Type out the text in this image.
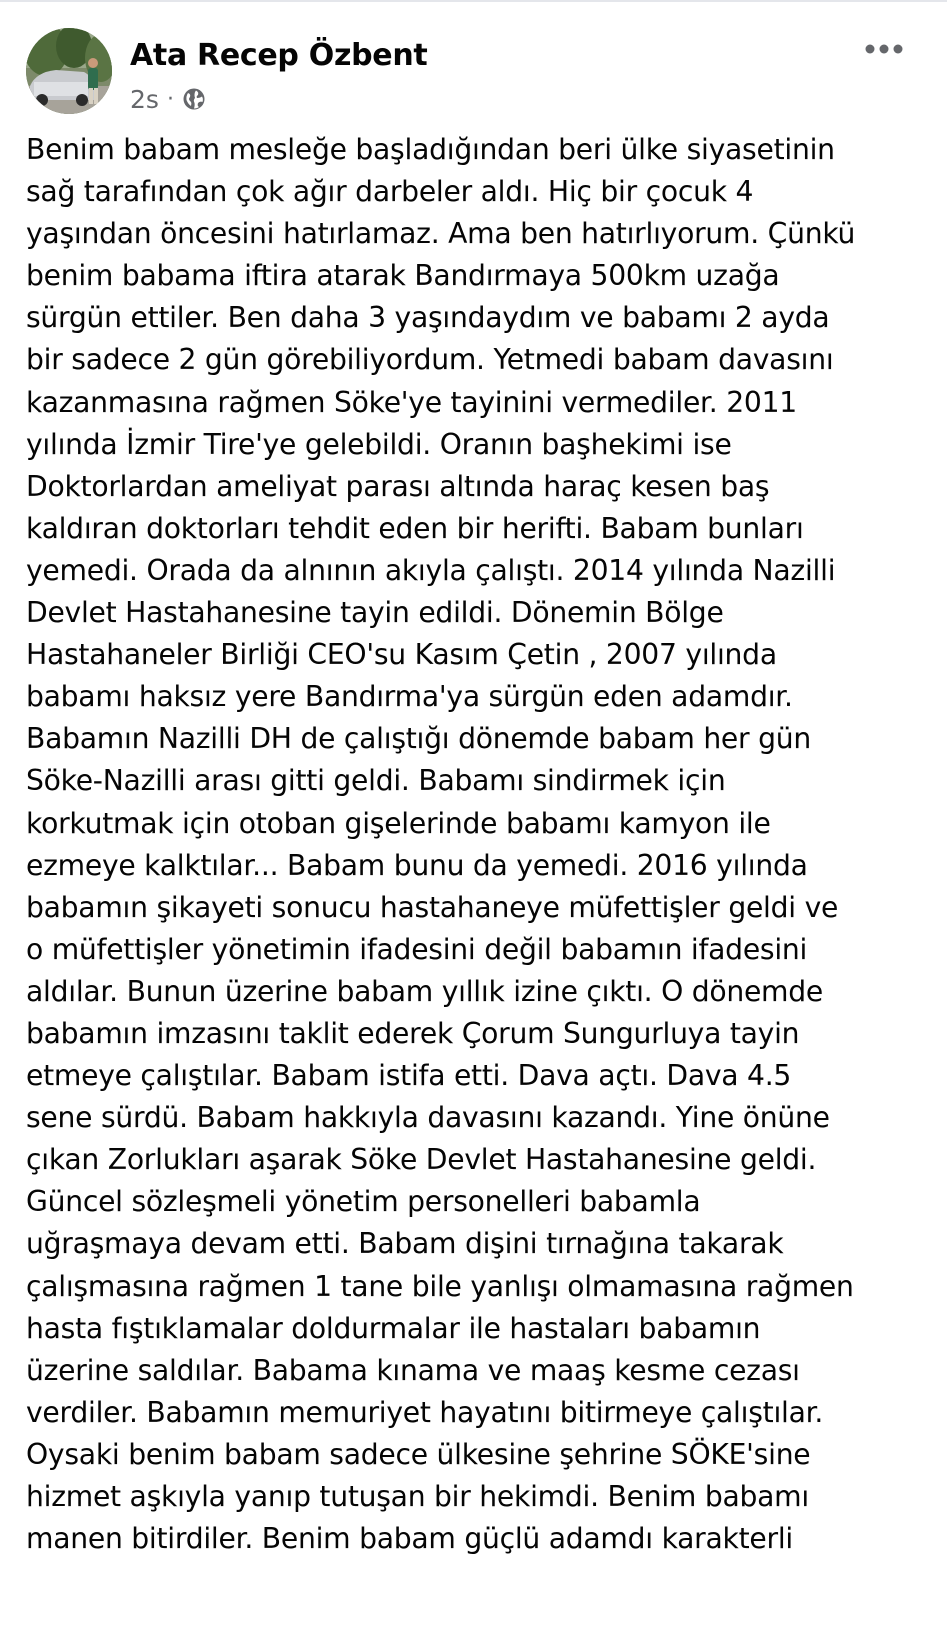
Ata Recep Özbent
2s ·
Benim babam mesleğe başladığından beri ülke siyasetinin
sağ tarafından çok ağır darbeler aldı. Hiç bir çocuk 4
yaşından öncesini hatırlamaz. Ama ben hatırlıyorum. Çünkü
benim babama iftira atarak Bandırmaya 500km uzağa
sürgün ettiler. Ben daha 3 yaşındaydım ve babamı 2 ayda
bir sadece 2 gün görebiliyordum. Yetmedi babam davasını
kazanmasına rağmen Söke'ye tayinini vermediler. 2011
yılında İzmir Tire'ye gelebildi. Oranın başhekimi ise
Doktorlardan ameliyat parası altında haraç kesen baş
kaldıran doktorları tehdit eden bir herifti. Babam bunları
yemedi. Orada da alnının akıyla çalıştı. 2014 yılında Nazilli
Devlet Hastahanesine tayin edildi. Dönemin Bölge
Hastahaneler Birliği CEO'su Kasım Çetin , 2007 yılında
babamı haksız yere Bandırma'ya sürgün eden adamdır.
Babamın Nazilli DH de çalıştığı dönemde babam her gün
Söke-Nazilli arası gitti geldi. Babamı sindirmek için
korkutmak için otoban gişelerinde babamı kamyon ile
ezmeye kalktılar... Babam bunu da yemedi. 2016 yılında
babamın şikayeti sonucu hastahaneye müfettişler geldi ve
o müfettişler yönetimin ifadesini değil babamın ifadesini
aldılar. Bunun üzerine babam yıllık izine çıktı. O dönemde
babamın imzasını taklit ederek Çorum Sungurluya tayin
etmeye çalıştılar. Babam istifa etti. Dava açtı. Dava 4.5
sene sürdü. Babam hakkıyla davasını kazandı. Yine önüne
çıkan Zorlukları aşarak Söke Devlet Hastahanesine geldi.
Güncel sözleşmeli yönetim personelleri babamla
uğraşmaya devam etti. Babam dişini tırnağına takarak
çalışmasına rağmen 1 tane bile yanlışı olmamasına rağmen
hasta fıştıklamalar doldurmalar ile hastaları babamın
üzerine saldılar. Babama kınama ve maaş kesme cezası
verdiler. Babamın memuriyet hayatını bitirmeye çalıştılar.
Oysaki benim babam sadece ülkesine şehrine SÖKE'sine
hizmet aşkıyla yanıp tutuşan bir hekimdi. Benim babamı
manen bitirdiler. Benim babam güçlü adamdı karakterli
